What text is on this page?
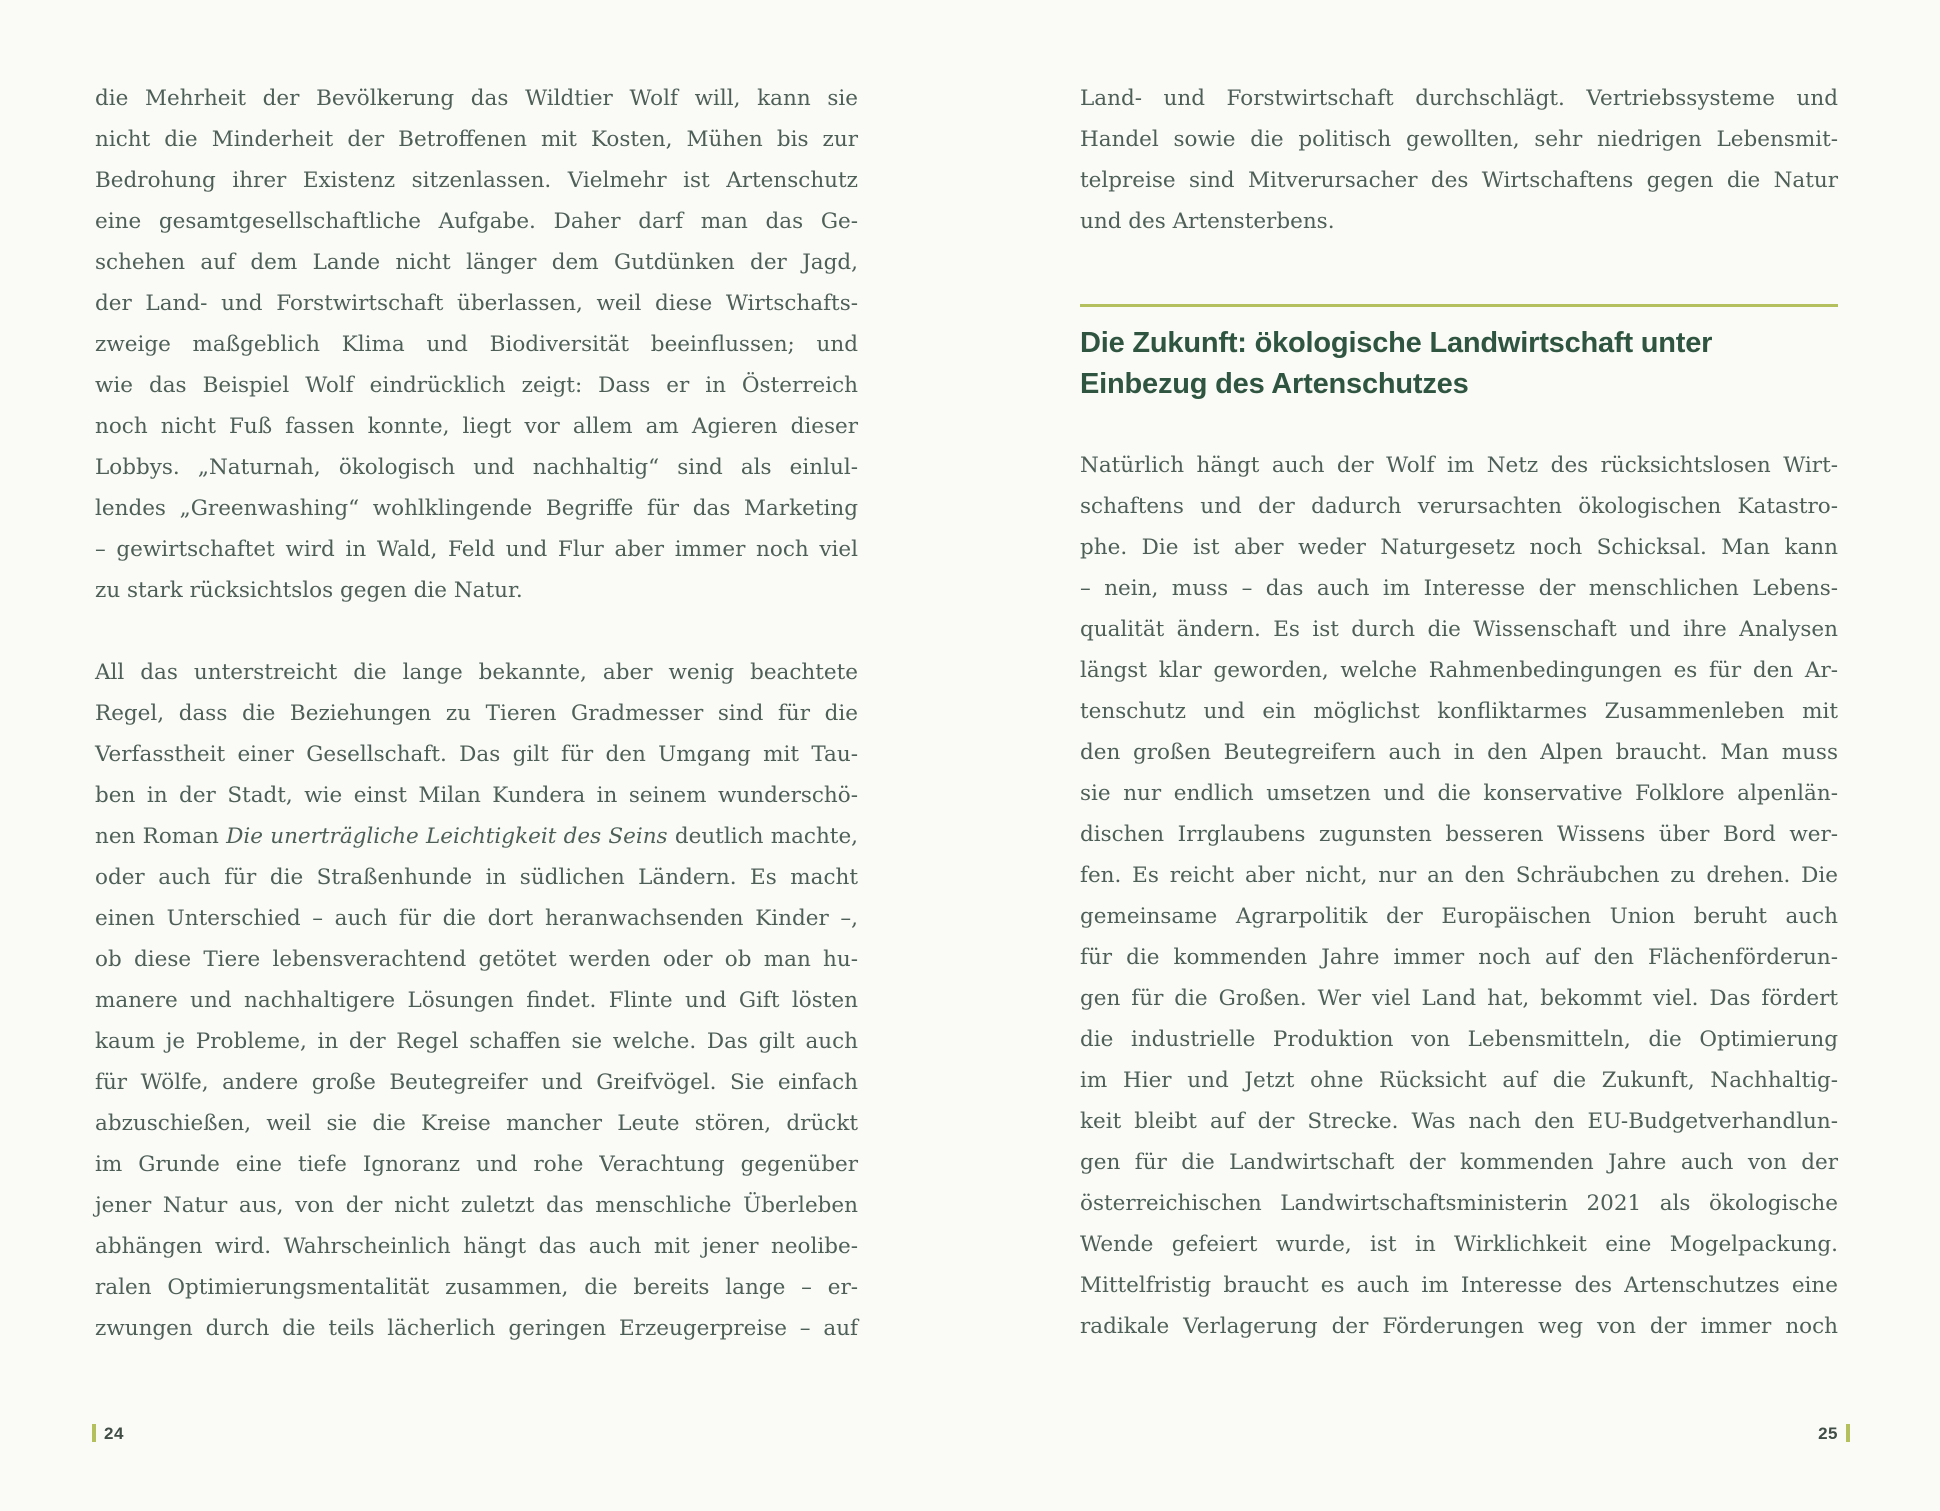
die Mehrheit der Bevölkerung das Wildtier Wolf will, kann sie
nicht die Minderheit der Betroffenen mit Kosten, Mühen bis zur
Bedrohung ihrer Existenz sitzenlassen. Vielmehr ist Artenschutz
eine gesamtgesellschaftliche Aufgabe. Daher darf man das Ge-
schehen auf dem Lande nicht länger dem Gutdünken der Jagd,
der Land- und Forstwirtschaft überlassen, weil diese Wirtschafts-
zweige maßgeblich Klima und Biodiversität beeinflussen; und
wie das Beispiel Wolf eindrücklich zeigt: Dass er in Österreich
noch nicht Fuß fassen konnte, liegt vor allem am Agieren dieser
Lobbys. „Naturnah, ökologisch und nachhaltig“ sind als einlul-
lendes „Greenwashing“ wohlklingende Begriffe für das Marketing
– gewirtschaftet wird in Wald, Feld und Flur aber immer noch viel
zu stark rücksichtslos gegen die Natur.
All das unterstreicht die lange bekannte, aber wenig beachtete
Regel, dass die Beziehungen zu Tieren Gradmesser sind für die
Verfasstheit einer Gesellschaft. Das gilt für den Umgang mit Tau-
ben in der Stadt, wie einst Milan Kundera in seinem wunderschö-
nen Roman Die unerträgliche Leichtigkeit des Seins deutlich machte,
oder auch für die Straßenhunde in südlichen Ländern. Es macht
einen Unterschied – auch für die dort heranwachsenden Kinder –,
ob diese Tiere lebensverachtend getötet werden oder ob man hu-
manere und nachhaltigere Lösungen findet. Flinte und Gift lösten
kaum je Probleme, in der Regel schaffen sie welche. Das gilt auch
für Wölfe, andere große Beutegreifer und Greifvögel. Sie einfach
abzuschießen, weil sie die Kreise mancher Leute stören, drückt
im Grunde eine tiefe Ignoranz und rohe Verachtung gegenüber
jener Natur aus, von der nicht zuletzt das menschliche Überleben
abhängen wird. Wahrscheinlich hängt das auch mit jener neolibe-
ralen Optimierungsmentalität zusammen, die bereits lange – er-
zwungen durch die teils lächerlich geringen Erzeugerpreise – auf
Land- und Forstwirtschaft durchschlägt. Vertriebssysteme und
Handel sowie die politisch gewollten, sehr niedrigen Lebensmit-
telpreise sind Mitverursacher des Wirtschaftens gegen die Natur
und des Artensterbens.
Die Zukunft: ökologische Landwirtschaft unter
Einbezug des Artenschutzes
Natürlich hängt auch der Wolf im Netz des rücksichtslosen Wirt-
schaftens und der dadurch verursachten ökologischen Katastro-
phe. Die ist aber weder Naturgesetz noch Schicksal. Man kann
– nein, muss – das auch im Interesse der menschlichen Lebens-
qualität ändern. Es ist durch die Wissenschaft und ihre Analysen
längst klar geworden, welche Rahmenbedingungen es für den Ar-
tenschutz und ein möglichst konfliktarmes Zusammenleben mit
den großen Beutegreifern auch in den Alpen braucht. Man muss
sie nur endlich umsetzen und die konservative Folklore alpenlän-
dischen Irrglaubens zugunsten besseren Wissens über Bord wer-
fen. Es reicht aber nicht, nur an den Schräubchen zu drehen. Die
gemeinsame Agrarpolitik der Europäischen Union beruht auch
für die kommenden Jahre immer noch auf den Flächenförderun-
gen für die Großen. Wer viel Land hat, bekommt viel. Das fördert
die industrielle Produktion von Lebensmitteln, die Optimierung
im Hier und Jetzt ohne Rücksicht auf die Zukunft, Nachhaltig-
keit bleibt auf der Strecke. Was nach den EU-Budgetverhandlun-
gen für die Landwirtschaft der kommenden Jahre auch von der
österreichischen Landwirtschaftsministerin 2021 als ökologische
Wende gefeiert wurde, ist in Wirklichkeit eine Mogelpackung.
Mittelfristig braucht es auch im Interesse des Artenschutzes eine
radikale Verlagerung der Förderungen weg von der immer noch
24	25
